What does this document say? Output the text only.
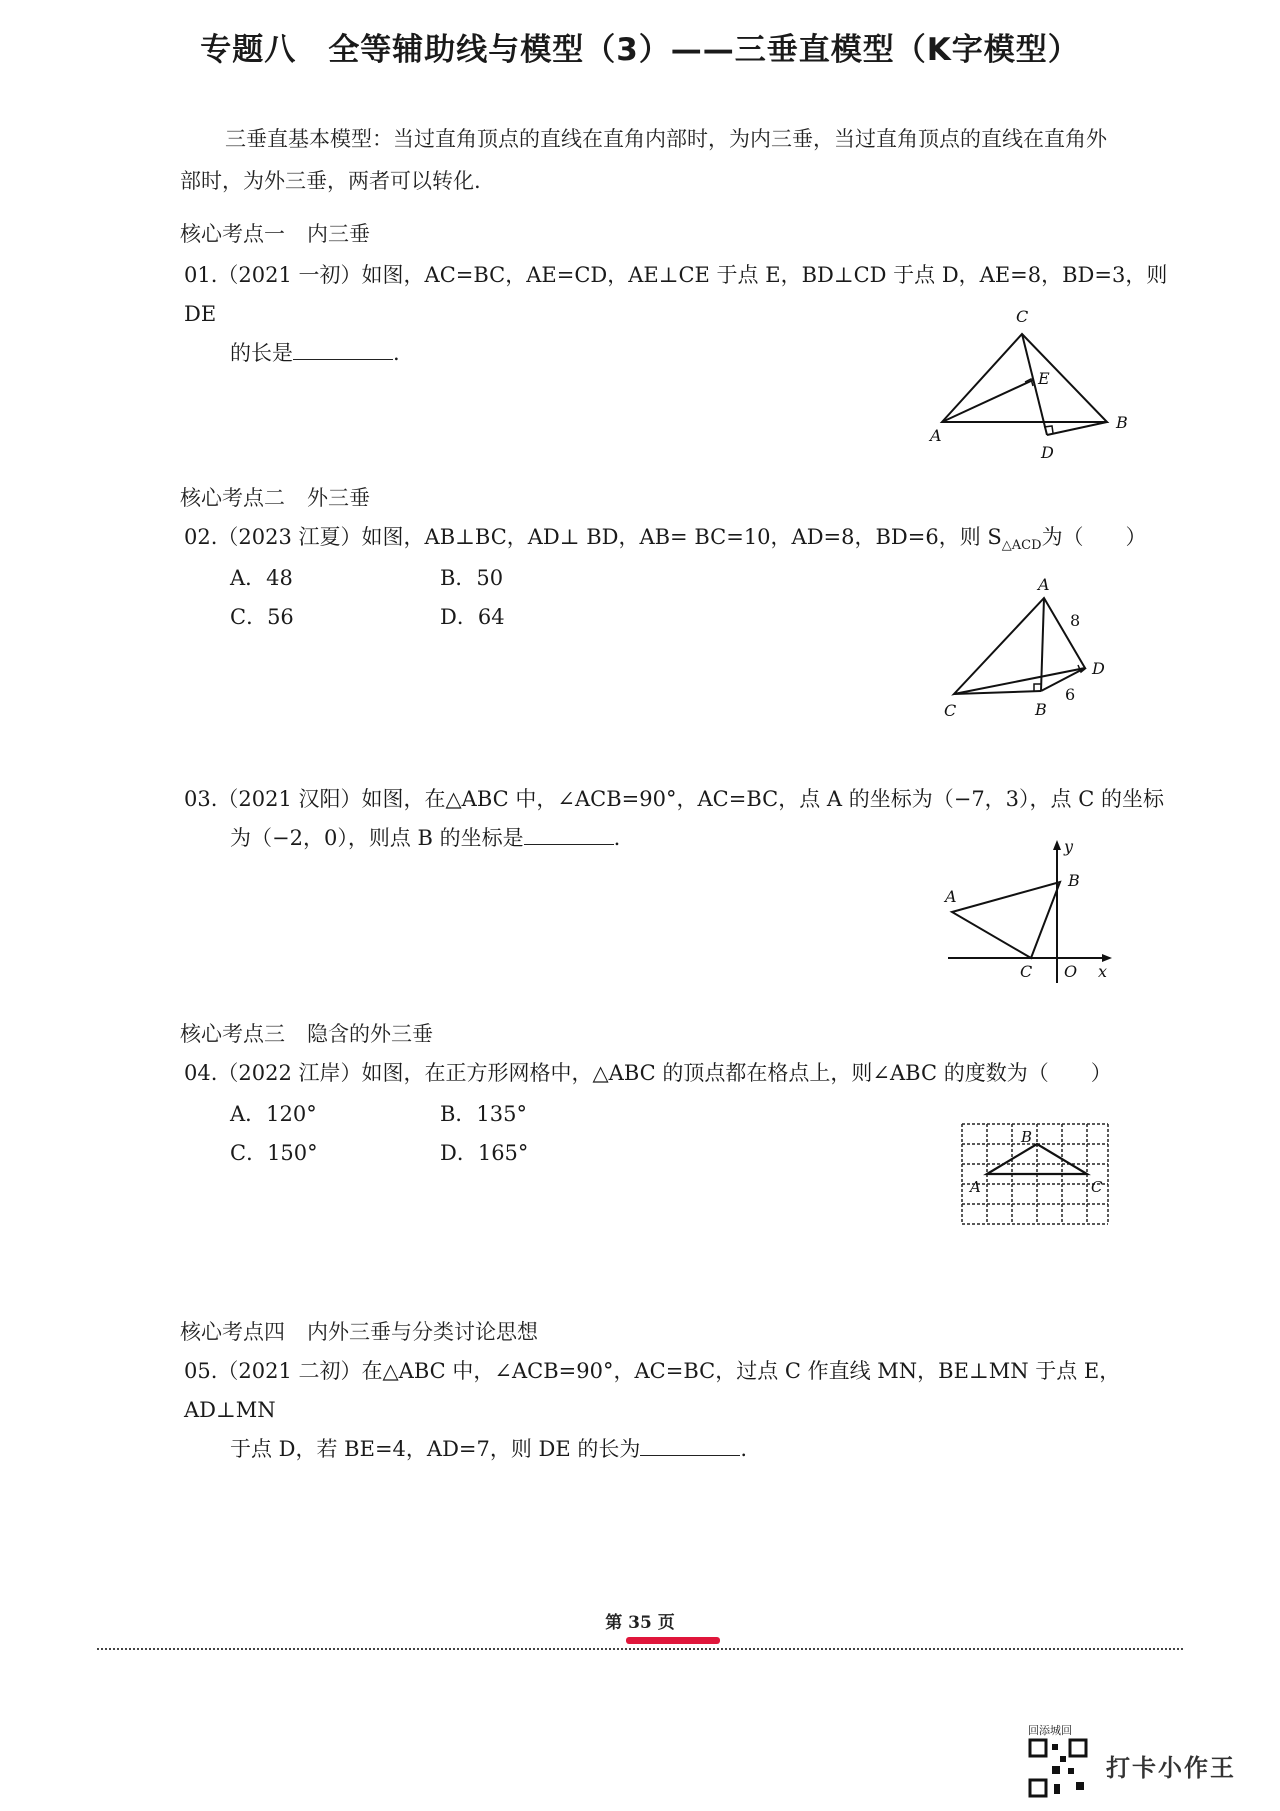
专题八　全等辅助线与模型（3）——三垂直模型（K字模型）
三垂直基本模型：当过直角顶点的直线在直角内部时，为内三垂，当过直角顶点的直线在直角外
部时，为外三垂，两者可以转化.
核心考点一 内三垂
01.（2021 一初）如图，AC=BC，AE=CD，AE⊥CE 于点 E，BD⊥CD 于点 D，AE=8，BD=3，则 DE
的长是	.
C
E
B
A
D
核心考点二 外三垂
02.（2023 江夏）如图，AB⊥BC，AD⊥ BD，AB= BC=10，AD=8，BD=6，则 $S_{\triangle ACD}$为（　　）
A．48	B．50
C．56	D．64
A
D
C	B
8
6
03.（2021 汉阳）如图，在△ABC 中，∠ACB=90°，AC=BC，点 A 的坐标为（−7，3），点 C 的坐标
为（−2，0），则点 B 的坐标是	.	y
x
O
A
B
C
核心考点三 隐含的外三垂
04.（2022 江岸）如图，在正方形网格中，△ABC 的顶点都在格点上，则∠ABC 的度数为（　　）
A．120°	B．135°
C．150°	D．165°
B
A	C
核心考点四 内外三垂与分类讨论思想
05.（2021 二初）在△ABC 中，∠ACB=90°，AC=BC，过点 C 作直线 MN，BE⊥MN 于点 E，AD⊥MN
于点 D，若 BE=4，AD=7，则 DE 的长为	.
第 35 页
回添城回
打卡小作王
